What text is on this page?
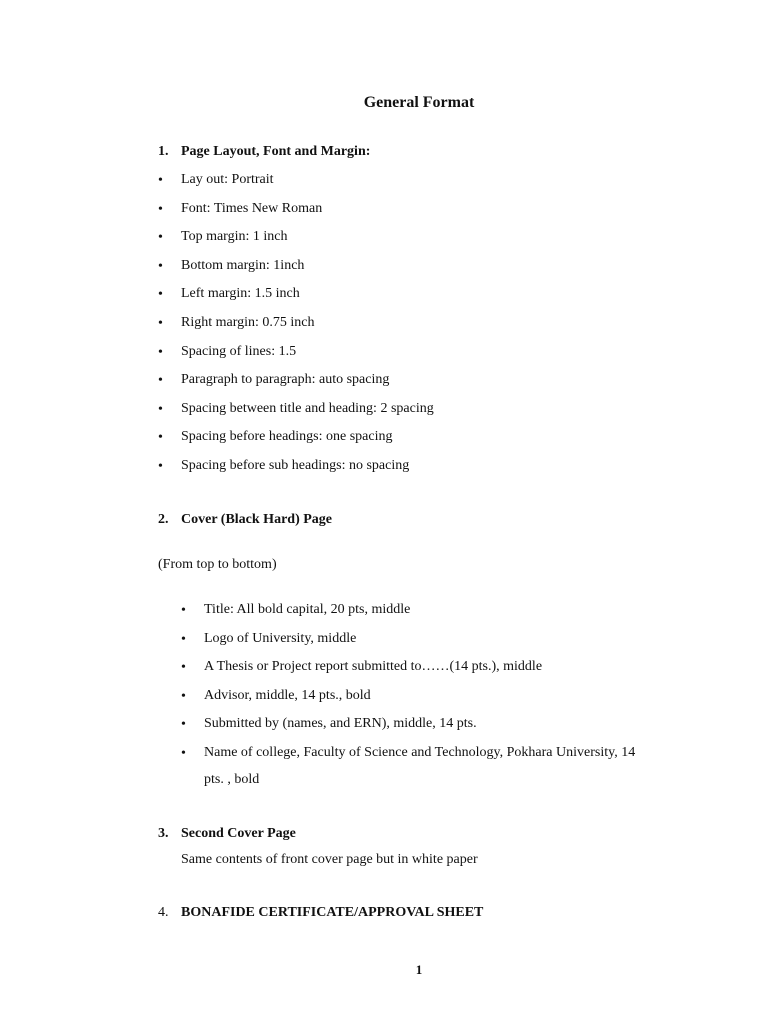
General Format
1. Page Layout, Font and Margin:
• Lay out: Portrait
• Font: Times New Roman
• Top margin: 1 inch
• Bottom margin: 1inch
• Left margin: 1.5 inch
• Right margin: 0.75 inch
• Spacing of lines: 1.5
• Paragraph to paragraph: auto spacing
• Spacing between title and heading: 2 spacing
• Spacing before headings: one spacing
• Spacing before sub headings: no spacing
2. Cover (Black Hard) Page
(From top to bottom)
• Title: All bold capital, 20 pts, middle
• Logo of University, middle
• A Thesis or Project report submitted to……(14 pts.), middle
• Advisor, middle, 14 pts., bold
• Submitted by (names, and ERN), middle, 14 pts.
• Name of college, Faculty of Science and Technology, Pokhara University, 14
pts. , bold
3. Second Cover Page
Same contents of front cover page but in white paper
4. BONAFIDE CERTIFICATE/APPROVAL SHEET
1
